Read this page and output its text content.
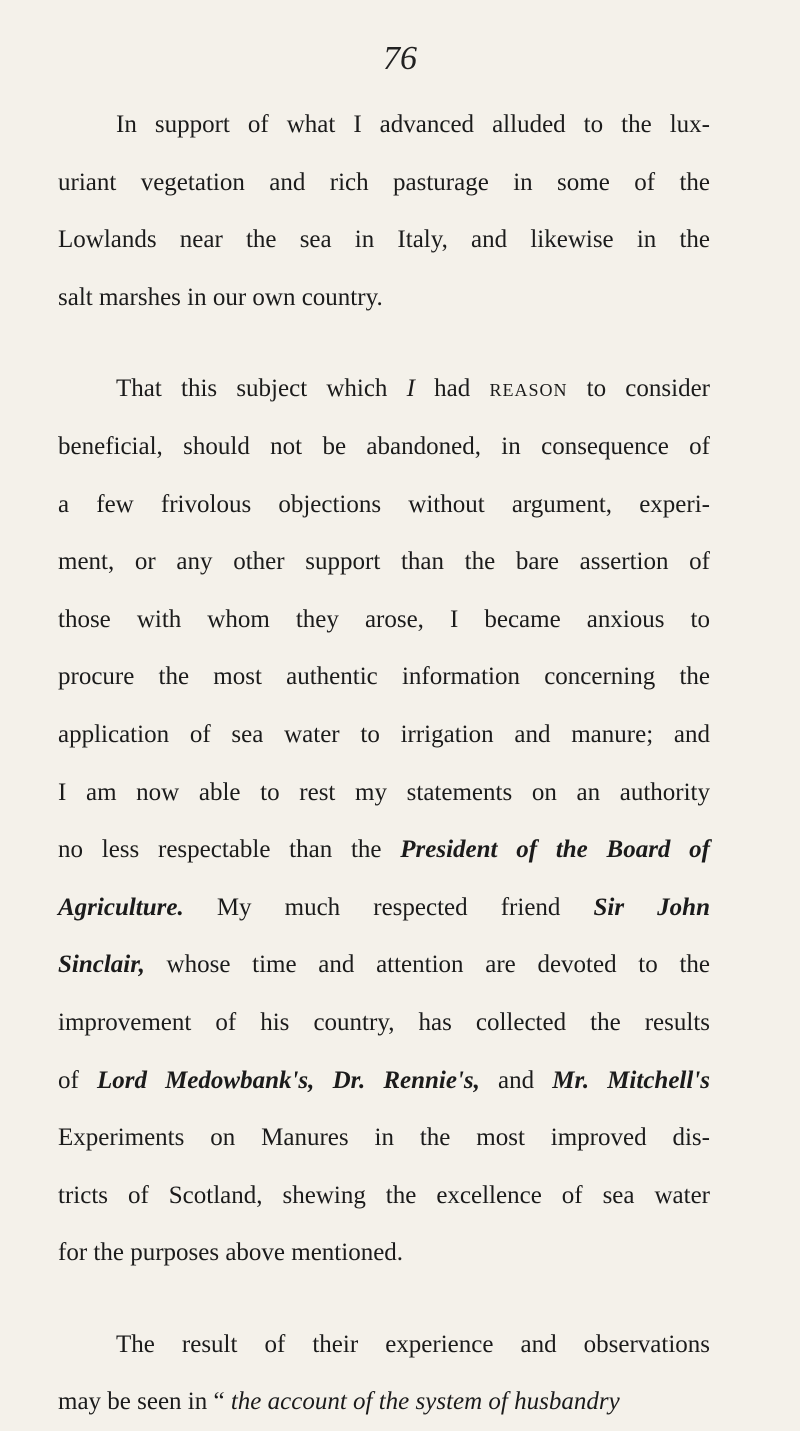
76
In support of what I advanced alluded to the lux-
uriant vegetation and rich pasturage in some of the
Lowlands near the sea in Italy, and likewise in the
salt marshes in our own country.
That this subject which I had reason to consider
beneficial, should not be abandoned, in consequence of
a few frivolous objections without argument, experi-
ment, or any other support than the bare assertion of
those with whom they arose, I became anxious to
procure the most authentic information concerning the
application of sea water to irrigation and manure; and
I am now able to rest my statements on an authority
no less respectable than the President of the Board of
Agriculture. My much respected friend Sir John
Sinclair, whose time and attention are devoted to the
improvement of his country, has collected the results
of Lord Medowbank's, Dr. Rennie's, and Mr. Mitchell's
Experiments on Manures in the most improved dis-
tricts of Scotland, shewing the excellence of sea water
for the purposes above mentioned.
The result of their experience and observations
may be seen in “ the account of the system of husbandry
